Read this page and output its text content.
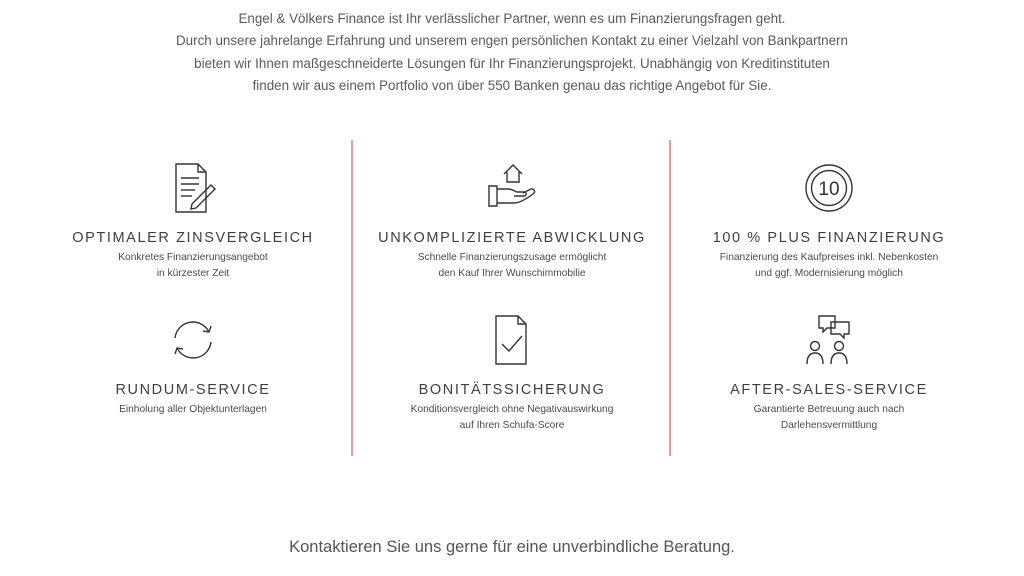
Engel & Völkers Finance ist Ihr verlässlicher Partner, wenn es um Finanzierungsfragen geht.

Durch unsere jahrelange Erfahrung und unserem engen persönlichen Kontakt zu einer Vielzahl von Bankpartnern

bieten wir Ihnen maßgeschneiderte Lösungen für Ihr Finanzierungsprojekt. Unabhängig von Kreditinstituten

finden wir aus einem Portfolio von über 550 Banken genau das richtige Angebot für Sie.

OPTIMALER ZINSVERGLEICH
Konkretes Finanzierungsangebot
in kürzester Zeit
UNKOMPLIZIERTE ABWICKLUNG
Schnelle Finanzierungszusage ermöglicht
den Kauf Ihrer Wunschimmobilie
10
100 % PLUS FINANZIERUNG
Finanzierung des Kaufpreises inkl. Nebenkosten
und ggf. Modernisierung möglich
RUNDUM-SERVICE
Einholung aller Objektunterlagen
BONITÄTSSICHERUNG
Konditionsvergleich ohne Negativauswirkung
auf Ihren Schufa-Score
AFTER-SALES-SERVICE
Garantierte Betreuung auch nach
Darlehensvermittlung
Kontaktieren Sie uns gerne für eine unverbindliche Beratung.
